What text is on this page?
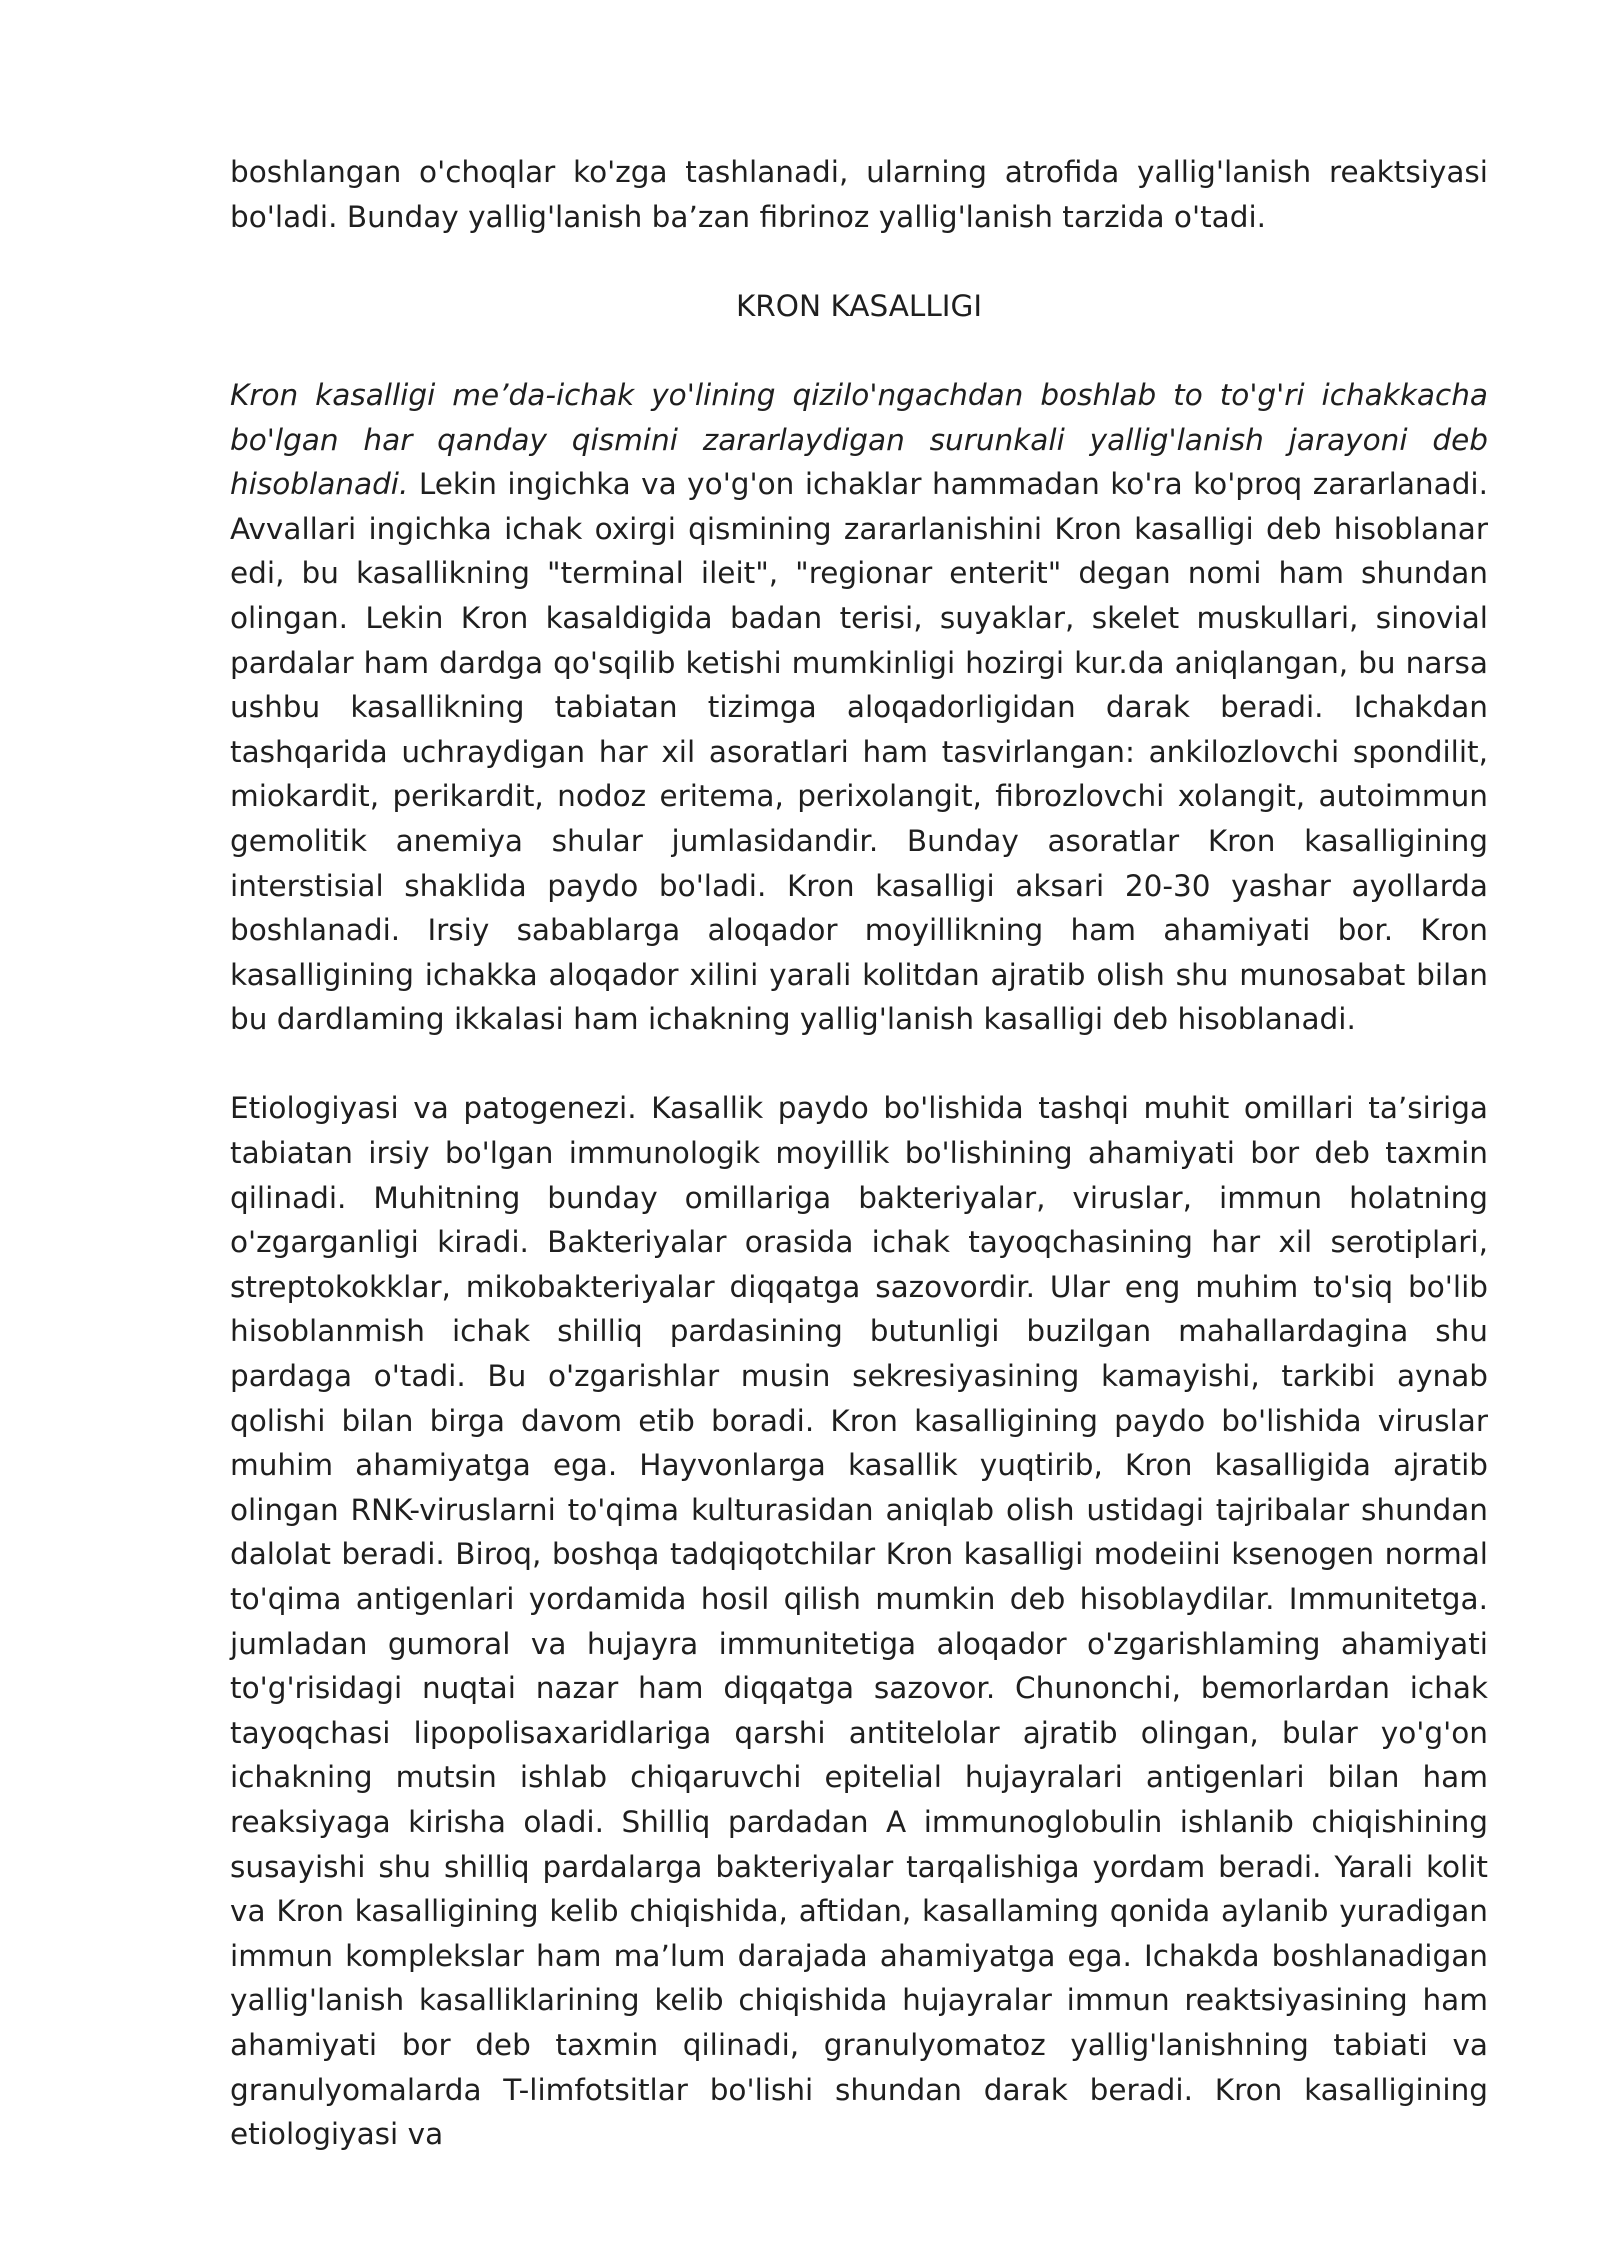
boshlangan o'choqlar ko'zga tashlanadi, ularning atrofida yallig'lanish reaktsiyasi bo'ladi. Bunday yallig'lanish ba’zan fibrinoz yallig'lanish tarzida o'tadi.

KRON KASALLIGI

Kron kasalligi me’da-ichak yo'lining qizilo'ngachdan boshlab to to'g'ri ichakkacha bo'lgan har qanday qismini zararlaydigan surunkali yallig'lanish jarayoni deb hisoblanadi. Lekin ingichka va yo'g'on ichaklar hammadan ko'ra ko'proq zararlanadi. Avvallari ingichka ichak oxirgi qismining zararlanishini Kron kasalligi deb hisoblanar edi, bu kasallikning "terminal ileit", "regionar enterit" degan nomi ham shundan olingan. Lekin Kron kasaldigida badan terisi, suyaklar, skelet muskullari, sinovial pardalar ham dardga qo'sqilib ketishi mumkinligi hozirgi kur.da aniqlangan, bu narsa ushbu kasallikning tabiatan tizimga aloqadorligidan darak beradi. Ichakdan tashqarida uchraydigan har xil asoratlari ham tasvirlangan: ankilozlovchi spondilit, miokardit, perikardit, nodoz eritema, perixolangit, fibrozlovchi xolangit, autoimmun gemolitik anemiya shular jumlasidandir. Bunday asoratlar Kron kasalligining interstisial shaklida paydo bo'ladi. Kron kasalligi aksari 20-30 yashar ayollarda boshlanadi. Irsiy sabablarga aloqador moyillikning ham ahamiyati bor. Kron kasalligining ichakka aloqador xilini yarali kolitdan ajratib olish shu munosabat bilan bu dardlaming ikkalasi ham ichakning yallig'lanish kasalligi deb hisoblanadi.

Etiologiyasi va patogenezi. Kasallik paydo bo'lishida tashqi muhit omillari ta’siriga tabiatan irsiy bo'lgan immunologik moyillik bo'lishining ahamiyati bor deb taxmin qilinadi. Muhitning bunday omillariga bakteriyalar, viruslar, immun holatning o'zgarganligi kiradi. Bakteriyalar orasida ichak tayoqchasining har xil serotiplari, streptokokklar, mikobakteriyalar diqqatga sazovordir. Ular eng muhim to'siq bo'lib hisoblanmish ichak shilliq pardasining butunligi buzilgan mahallardagina shu pardaga o'tadi. Bu o'zgarishlar musin sekresiyasining kamayishi, tarkibi aynab qolishi bilan birga davom etib boradi. Kron kasalligining paydo bo'lishida viruslar muhim ahamiyatga ega. Hayvonlarga kasallik yuqtirib, Kron kasalligida ajratib olingan RNK-viruslarni to'qima kulturasidan aniqlab olish ustidagi tajribalar shundan dalolat beradi. Biroq, boshqa tadqiqotchilar Kron kasalligi modeiini ksenogen normal to'qima antigenlari yordamida hosil qilish mumkin deb hisoblaydilar. Immunitetga. jumladan gumoral va hujayra immunitetiga aloqador o'zgarishlaming ahamiyati to'g'risidagi nuqtai nazar ham diqqatga sazovor. Chunonchi, bemorlardan ichak tayoqchasi lipopolisaxaridlariga qarshi antitelolar ajratib olingan, bular yo'g'on ichakning mutsin ishlab chiqaruvchi epitelial hujayralari antigenlari bilan ham reaksiyaga kirisha oladi. Shilliq pardadan A immunoglobulin ishlanib chiqishining susayishi shu shilliq pardalarga bakteriyalar tarqalishiga yordam beradi. Yarali kolit va Kron kasalligining kelib chiqishida, aftidan, kasallaming qonida aylanib yuradigan immun komplekslar ham ma’lum darajada ahamiyatga ega. Ichakda boshlanadigan yallig'lanish kasalliklarining kelib chiqishida hujayralar immun reaktsiyasining ham ahamiyati bor deb taxmin qilinadi, granulyomatoz yallig'lanishning tabiati va granulyomalarda T-limfotsitlar bo'lishi shundan darak beradi. Kron kasalligining etiologiyasi va
